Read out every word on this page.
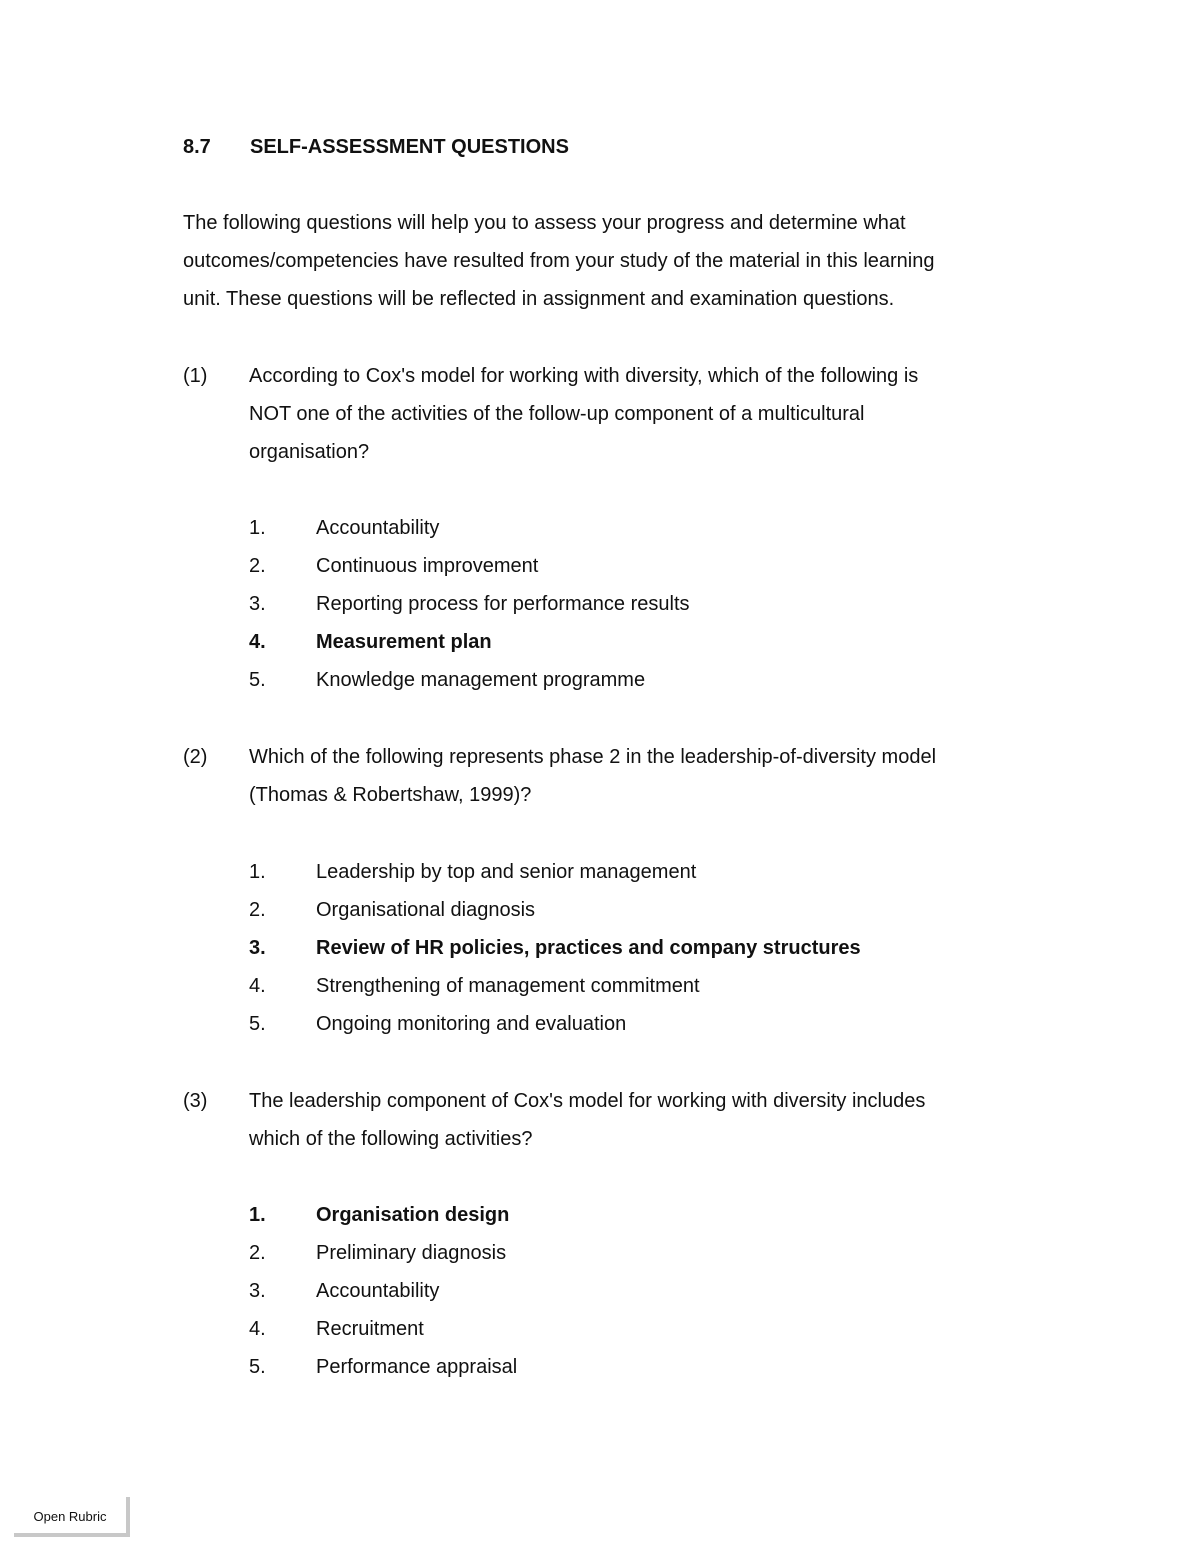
8.7 SELF-ASSESSMENT QUESTIONS

The following questions will help you to assess your progress and determine what

outcomes/competencies have resulted from your study of the material in this learning

unit. These questions will be reflected in assignment and examination questions.

(1) According to Cox's model for working with diversity, which of the following is
NOT one of the activities of the follow-up component of a multicultural
organisation?
1.	Accountability
2.	Continuous improvement
3.	Reporting process for performance results
4.	Measurement plan
5.	Knowledge management programme
(2) Which of the following represents phase 2 in the leadership-of-diversity model
(Thomas & Robertshaw, 1999)?
1.	Leadership by top and senior management
2.	Organisational diagnosis
3.	Review of HR policies, practices and company structures
4.	Strengthening of management commitment
5.	Ongoing monitoring and evaluation
(3) The leadership component of Cox's model for working with diversity includes
which of the following activities?
1.	Organisation design
2.	Preliminary diagnosis
3.	Accountability
4.	Recruitment
5.	Performance appraisal
Open Rubric
